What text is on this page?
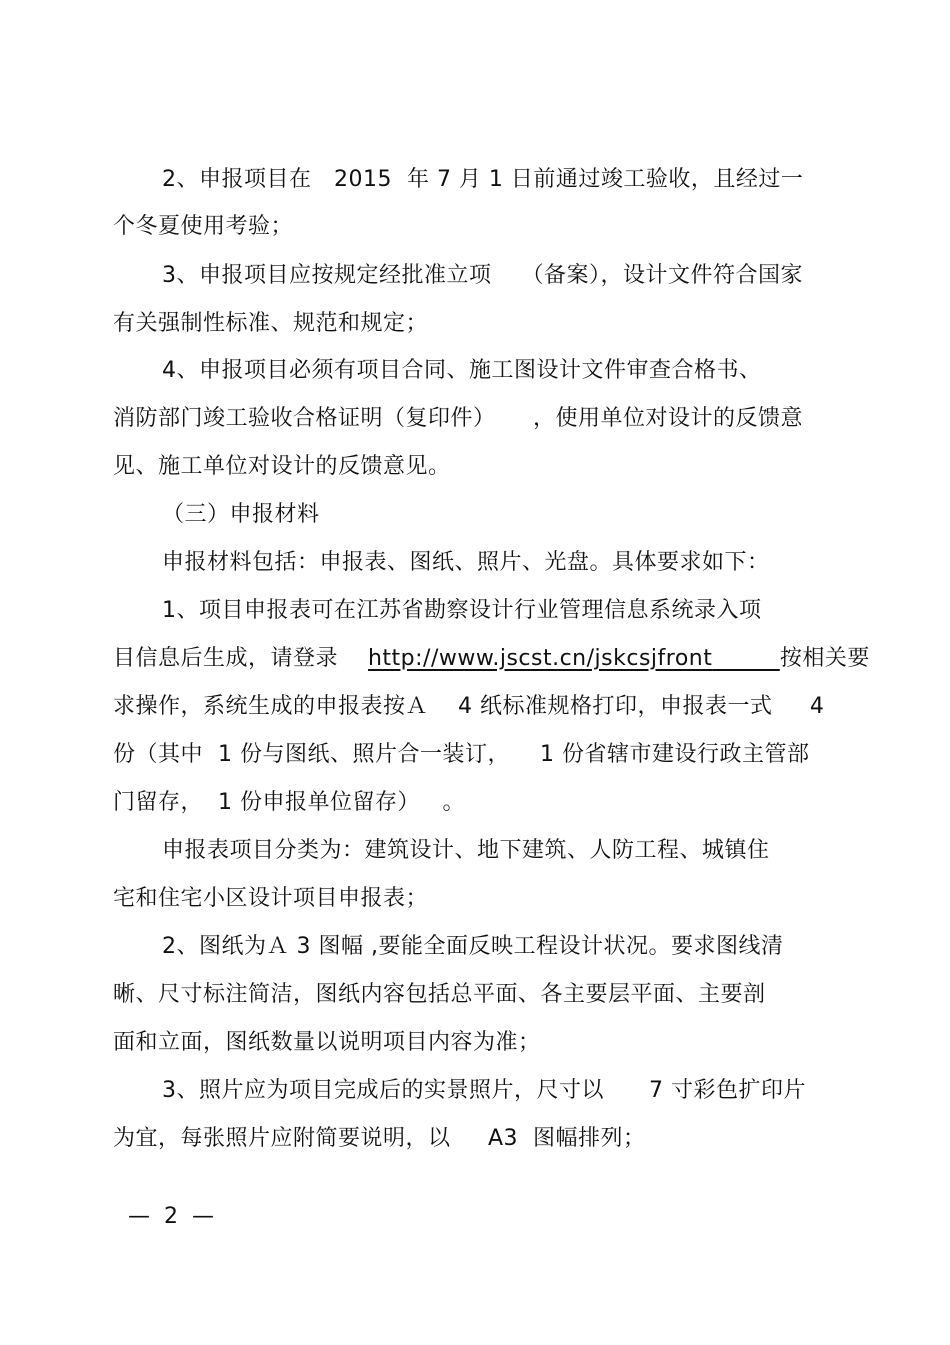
2、申报项目在   2015  年 7 月 1 日前通过竣工验收，且经过一
个冬夏使用考验；
3、申报项目应按规定经批准立项    （备案），设计文件符合国家
有关强制性标准、规范和规定；
4、申报项目必须有项目合同、施工图设计文件审查合格书、
消防部门竣工验收合格证明（复印件）     ，使用单位对设计的反馈意
见、施工单位对设计的反馈意见。
（三）申报材料
申报材料包括：申报表、图纸、照片、光盘。具体要求如下：
1、项目申报表可在江苏省勘察设计行业管理信息系统录入项
目信息后生成，请登录    http://www.jscst.cn/jskcsjfront	按相关要
求操作，系统生成的申报表按Ａ    4 纸标准规格打印，申报表一式     4
份（其中  1 份与图纸、照片合一装订，    1 份省辖市建设行政主管部
门留存，  1 份申报单位留存）   。
申报表项目分类为：建筑设计、地下建筑、人防工程、城镇住
宅和住宅小区设计项目申报表；
2、图纸为Ａ 3 图幅 ,要能全面反映工程设计状况。要求图线清
晰、尺寸标注简洁，图纸内容包括总平面、各主要层平面、主要剖
面和立面，图纸数量以说明项目内容为准；
3、照片应为项目完成后的实景照片，尺寸以      7 寸彩色扩印片
为宜，每张照片应附简要说明，以     A3  图幅排列；
—  2  —
